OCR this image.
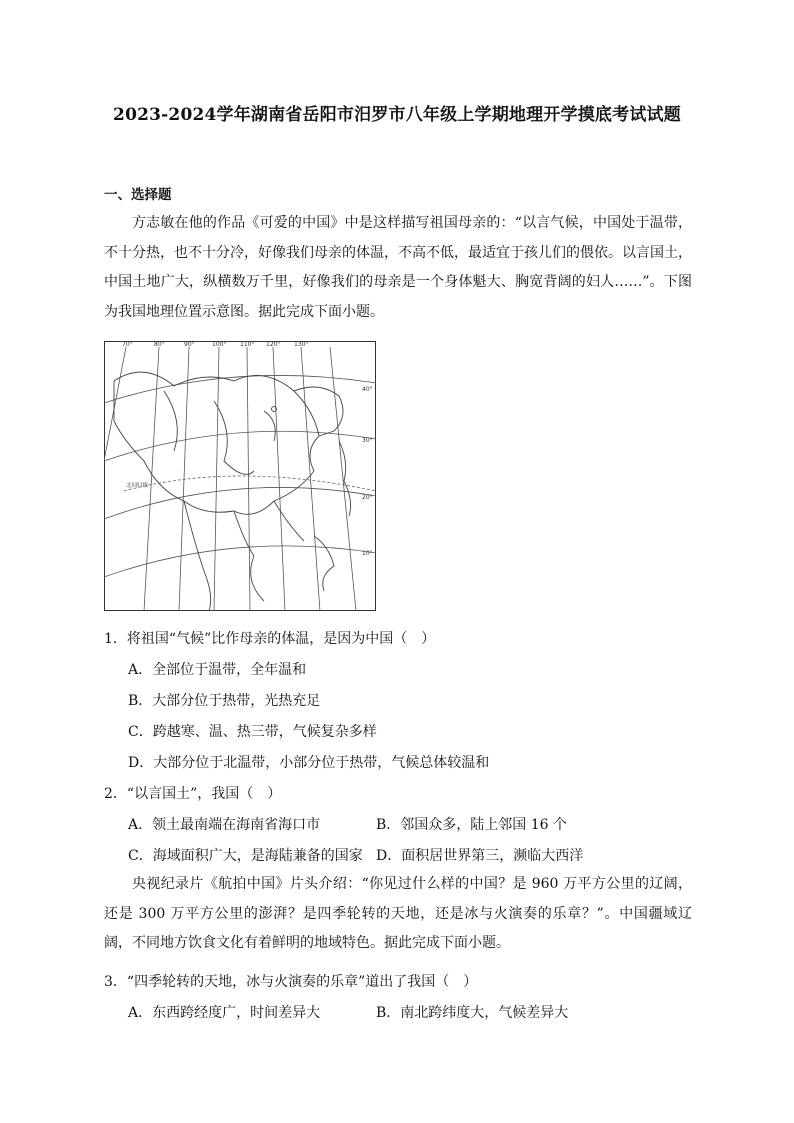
2023-2024学年湖南省岳阳市汨罗市八年级上学期地理开学摸底考试试题
一、选择题
方志敏在他的作品《可爱的中国》中是这样描写祖国母亲的：“以言气候，中国处于温带，不十分热，也不十分冷，好像我们母亲的体温，不高不低，最适宜于孩儿们的偎依。以言国土，中国土地广大，纵横数万千里，好像我们的母亲是一个身体魁大、胸宽背阔的妇人……”。下图为我国地理位置示意图。据此完成下面小题。
70°	80°	90°	100° 110° 120° 130°
40°
30°
20°
10°
北回归线
1．将祖国“气候”比作母亲的体温，是因为中国（　）
A．全部位于温带，全年温和
B．大部分位于热带，光热充足
C．跨越寒、温、热三带，气候复杂多样
D．大部分位于北温带，小部分位于热带，气候总体较温和
2．“以言国土”，我国（　）
A．领土最南端在海南省海口市	B．邻国众多，陆上邻国 16 个
C．海域面积广大，是海陆兼备的国家 D．面积居世界第三，濒临大西洋
央视纪录片《航拍中国》片头介绍：“你见过什么样的中国？是 960 万平方公里的辽阔，还是 300 万平方公里的澎湃？是四季轮转的天地，还是冰与火演奏的乐章？”。中国疆域辽阔，不同地方饮食文化有着鲜明的地域特色。据此完成下面小题。
3．“四季轮转的天地，冰与火演奏的乐章”道出了我国（　）
A．东西跨经度广，时间差异大	B．南北跨纬度大，气候差异大
